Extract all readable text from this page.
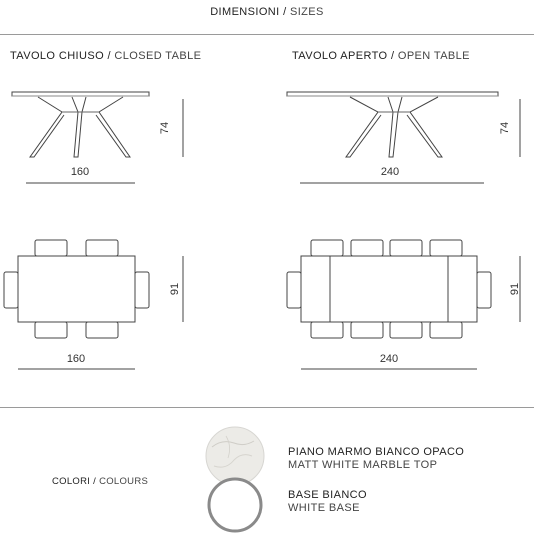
DIMENSIONI / SIZES
TAVOLO CHIUSO / CLOSED TABLE	TAVOLO APERTO / OPEN TABLE
74
160
74
240
91
160
91
240
COLORI / COLOURS
PIANO MARMO BIANCO OPACO
MATT WHITE MARBLE TOP
BASE BIANCO
WHITE BASE
